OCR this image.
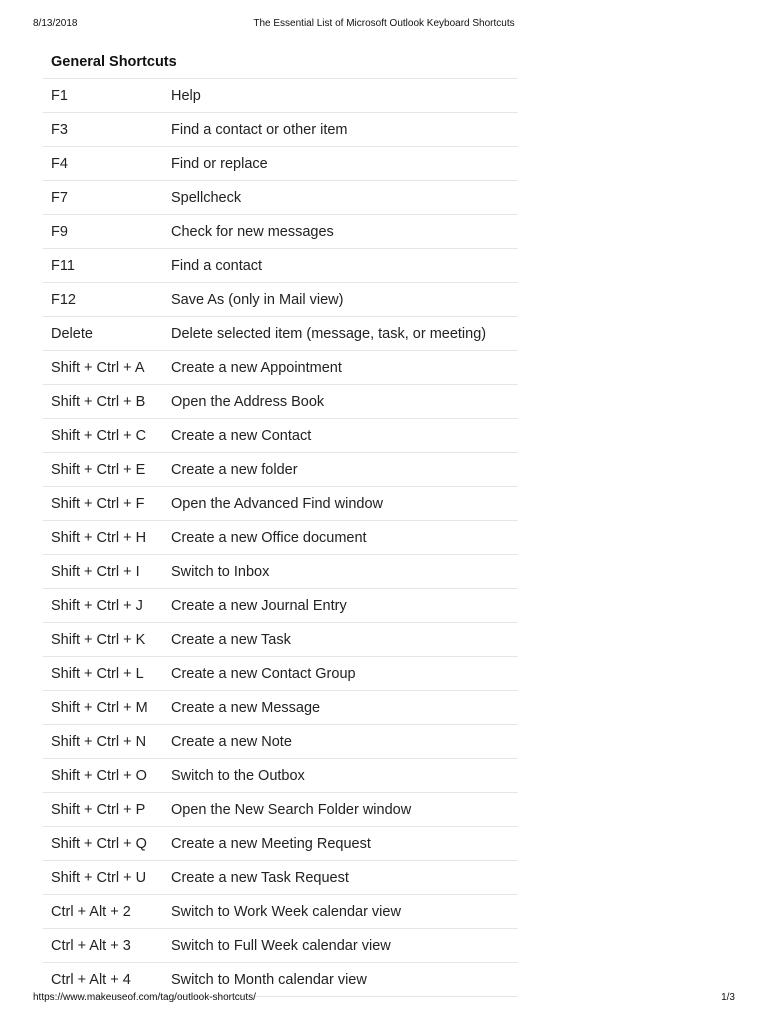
8/13/2018	The Essential List of Microsoft Outlook Keyboard Shortcuts
General Shortcuts	
F1	Help
F3	Find a contact or other item
F4	Find or replace
F7	Spellcheck
F9	Check for new messages
F11	Find a contact
F12	Save As (only in Mail view)
Delete	Delete selected item (message, task, or meeting)
Shift + Ctrl + A	Create a new Appointment
Shift + Ctrl + B	Open the Address Book
Shift + Ctrl + C	Create a new Contact
Shift + Ctrl + E	Create a new folder
Shift + Ctrl + F	Open the Advanced Find window
Shift + Ctrl + H	Create a new Office document
Shift + Ctrl + I	Switch to Inbox
Shift + Ctrl + J	Create a new Journal Entry
Shift + Ctrl + K	Create a new Task
Shift + Ctrl + L	Create a new Contact Group
Shift + Ctrl + M	Create a new Message
Shift + Ctrl + N	Create a new Note
Shift + Ctrl + O	Switch to the Outbox
Shift + Ctrl + P	Open the New Search Folder window
Shift + Ctrl + Q	Create a new Meeting Request
Shift + Ctrl + U	Create a new Task Request
Ctrl + Alt + 2	Switch to Work Week calendar view
Ctrl + Alt + 3	Switch to Full Week calendar view
Ctrl + Alt + 4	Switch to Month calendar view
https://www.makeuseof.com/tag/outlook-shortcuts/	1/3
